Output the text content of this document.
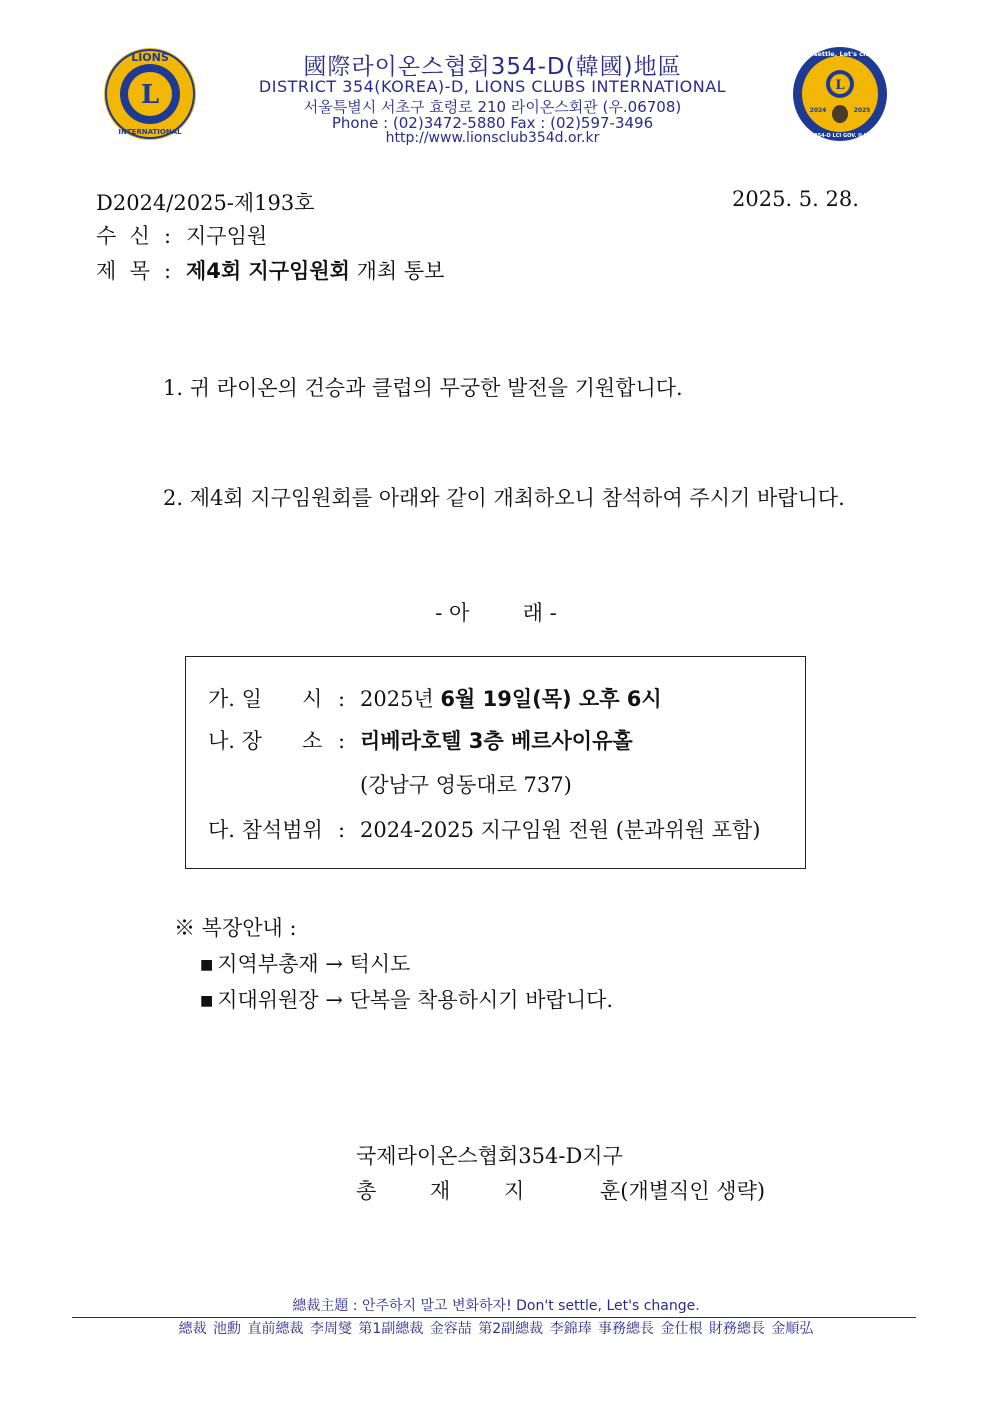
L
LIONS
INTERNATIONAL
L
2024	2025
Don't settle, Let's change.
DIST 354-D LCI GOV. JI,HOON
國際라이온스협회354-D(韓國)地區
DISTRICT 354(KOREA)-D, LIONS CLUBS INTERNATIONAL
서울특별시 서초구 효령로 210 라이온스회관 (우.06708)
Phone : (02)3472-5880 Fax : (02)597-3496
http://www.lionsclub354d.or.kr
D2024/2025-제193호	2025. 5. 28.
수  신 : 지구임원
제  목 : 제4회 지구임원회 개최 통보
1. 귀 라이온의 건승과 클럽의 무궁한 발전을 기원합니다.
2. 제4회 지구임원회를 아래와 같이 개최하오니 참석하여 주시기 바랍니다.
- 아        래 -
가. 일      시 : 2025년 6월 19일(목) 오후 6시
나. 장      소 : 리베라호텔 3층 베르사이유홀
(강남구 영동대로 737)
다. 참석범위 : 2024-2025 지구임원 전원 (분과위원 포함)
※ 복장안내 :
■ 지역부총재 → 턱시도
■ 지대위원장 → 단복을 착용하시기 바랍니다.
국제라이온스협회354-D지구
총	재	지	훈(개별직인 생략)
總裁主題 : 안주하지 말고 변화하자! Don't settle, Let's change.
總裁 池勳 直前總裁 李周燮 第1副總裁 金容喆 第2副總裁 李錦琫 事務總長 金仕根 財務總長 金順弘
